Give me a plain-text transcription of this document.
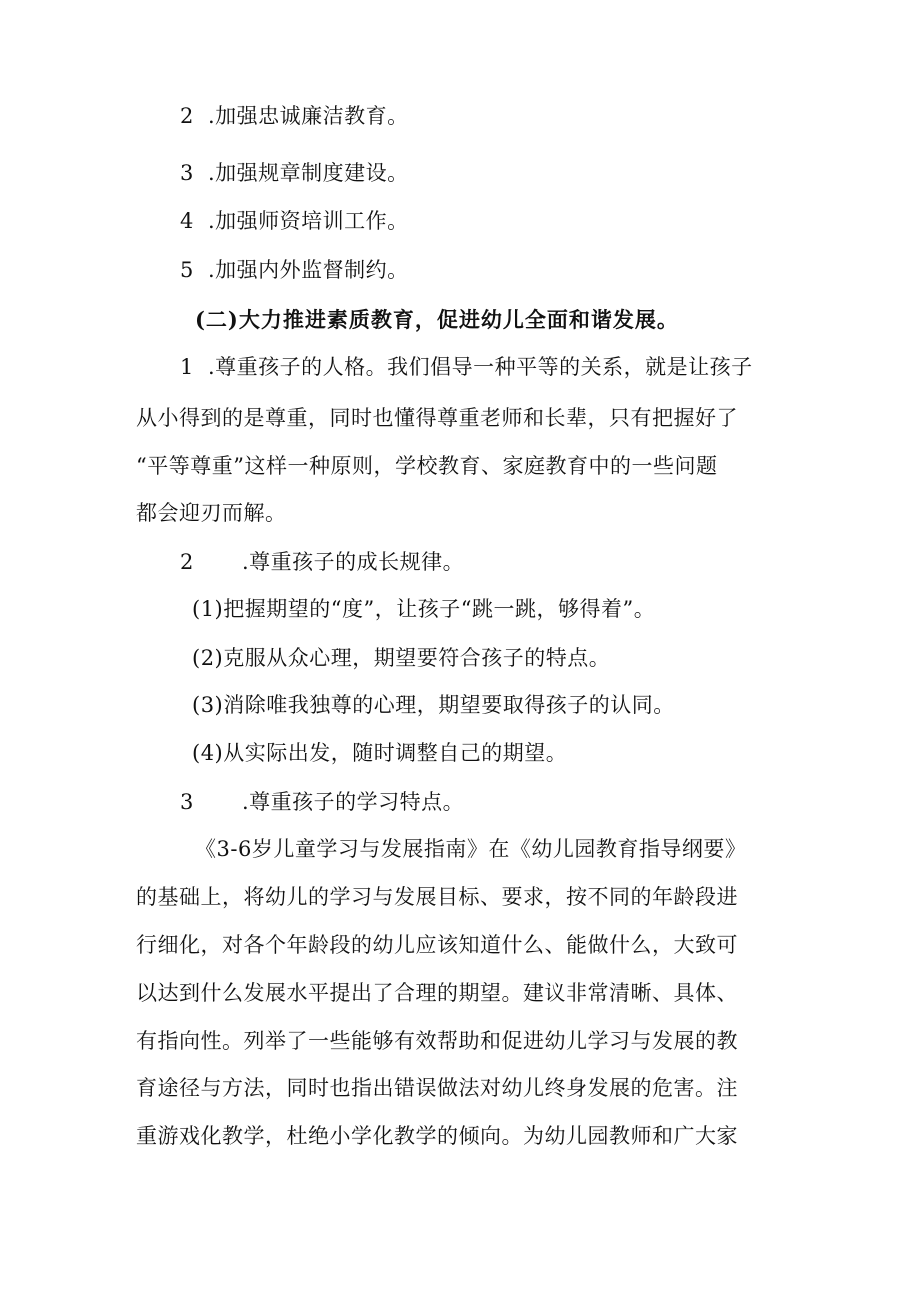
2 .加强忠诚廉洁教育。

3 .加强规章制度建设。

4 .加强师资培训工作。

5 .加强内外监督制约。

(二)大力推进素质教育，促进幼儿全面和谐发展。

1 .尊重孩子的人格。我们倡导一种平等的关系，就是让孩子

从小得到的是尊重，同时也懂得尊重老师和长辈，只有把握好了

“平等尊重”这样一种原则，学校教育、家庭教育中的一些问题

都会迎刃而解。

2 .尊重孩子的成长规律。

(1)把握期望的“度”，让孩子“跳一跳，够得着”。

(2)克服从众心理，期望要符合孩子的特点。

(3)消除唯我独尊的心理，期望要取得孩子的认同。

(4)从实际出发，随时调整自己的期望。

3 .尊重孩子的学习特点。

《3-6岁儿童学习与发展指南》在《幼儿园教育指导纲要》

的基础上，将幼儿的学习与发展目标、要求，按不同的年龄段进

行细化，对各个年龄段的幼儿应该知道什么、能做什么，大致可

以达到什么发展水平提出了合理的期望。建议非常清晰、具体、

有指向性。列举了一些能够有效帮助和促进幼儿学习与发展的教

育途径与方法，同时也指出错误做法对幼儿终身发展的危害。注

重游戏化教学，杜绝小学化教学的倾向。为幼儿园教师和广大家
